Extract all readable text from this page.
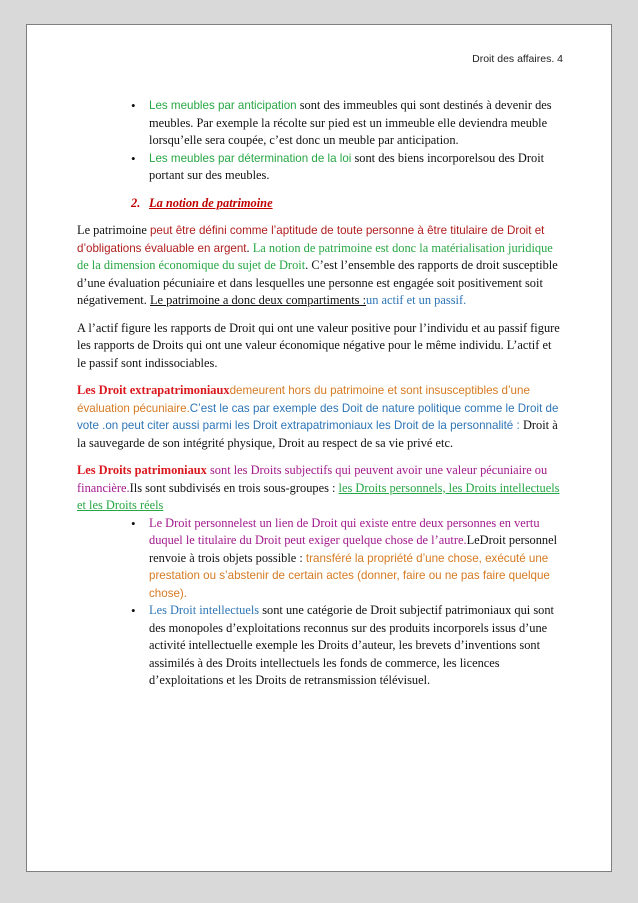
Droit des affaires. 4
• Les meubles par anticipation sont des immeubles qui sont destinés à devenir des meubles. Par exemple la récolte sur pied est un immeuble elle deviendra meuble lorsqu’elle sera coupée, c’est donc un meuble par anticipation.
• Les meubles par détermination de la loi sont des biens incorporelsou des Droit portant sur des meubles.
2. La notion de patrimoine

Le patrimoine peut être défini comme l’aptitude de toute personne à être titulaire de Droit et d’obligations évaluable en argent. La notion de patrimoine est donc la matérialisation juridique de la dimension économique du sujet de Droit. C’est l’ensemble des rapports de droit susceptible d’une évaluation pécuniaire et dans lesquelles une personne est engagée soit positivement soit négativement. Le patrimoine a donc deux compartiments :un actif et un passif.

A l’actif figure les rapports de Droit qui ont une valeur positive pour l’individu et au passif figure les rapports de Droits qui ont une valeur économique négative pour le même individu. L’actif et le passif sont indissociables.

Les Droit extrapatrimoniauxdemeurent hors du patrimoine et sont insusceptibles d’une évaluation pécuniaire.C’est le cas par exemple des Doit de nature politique comme le Droit de vote .on peut citer aussi parmi les Droit extrapatrimoniaux les Droit de la personnalité : Droit à la sauvegarde de son intégrité physique, Droit au respect de sa vie privé etc.

Les Droits patrimoniaux sont les Droits subjectifs qui peuvent avoir une valeur pécuniaire ou financière.Ils sont subdivisés en trois sous-groupes : les Droits personnels, les Droits intellectuels et les Droits réels

• Le Droit personnelest un lien de Droit qui existe entre deux personnes en vertu duquel le titulaire du Droit peut exiger quelque chose de l’autre.LeDroit personnel renvoie à trois objets possible : transféré la propriété d’une chose, exécuté une prestation ou s’abstenir de certain actes (donner, faire ou ne pas faire quelque chose).
• Les Droit intellectuels sont une catégorie de Droit subjectif patrimoniaux qui sont des monopoles d’exploitations reconnus sur des produits incorporels issus d’une activité intellectuelle exemple les Droits d’auteur, les brevets d’inventions sont assimilés à des Droits intellectuels les fonds de commerce, les licences d’exploitations et les Droits de retransmission télévisuel.
